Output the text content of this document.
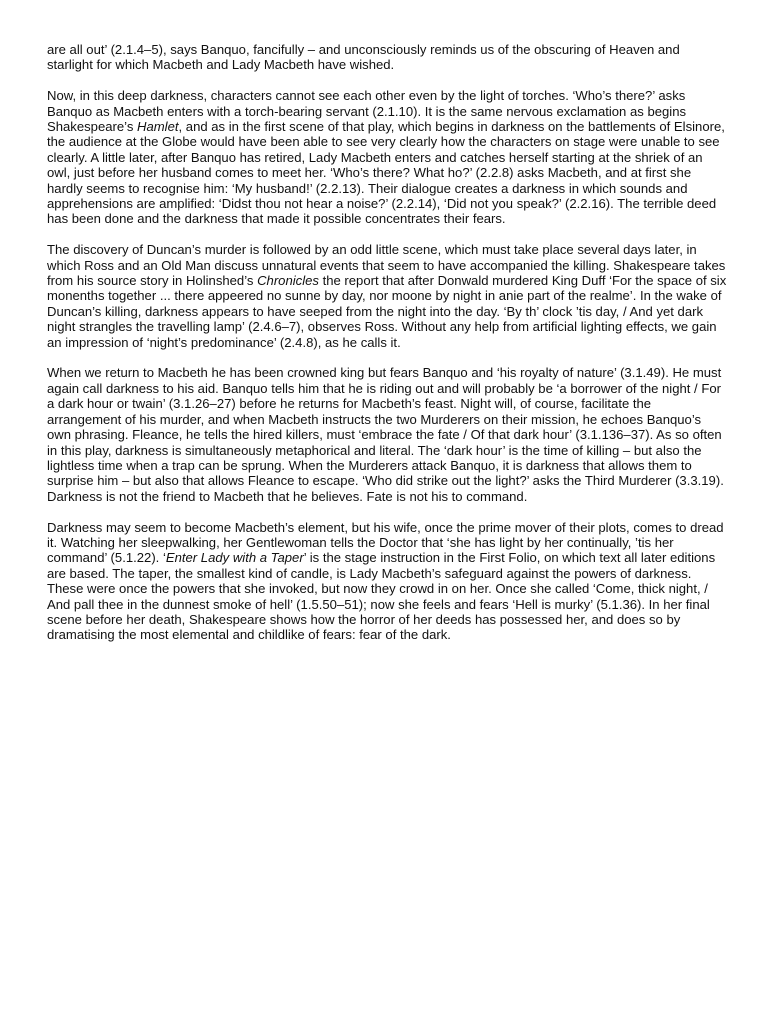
are all out’ (2.1.4–5), says Banquo, fancifully – and unconsciously reminds us of the obscuring of Heaven and starlight for which Macbeth and Lady Macbeth have wished.

Now, in this deep darkness, characters cannot see each other even by the light of torches. ‘Who’s there?’ asks Banquo as Macbeth enters with a torch-bearing servant (2.1.10). It is the same nervous exclamation as begins Shakespeare’s Hamlet, and as in the first scene of that play, which begins in darkness on the battlements of Elsinore, the audience at the Globe would have been able to see very clearly how the characters on stage were unable to see clearly. A little later, after Banquo has retired, Lady Macbeth enters and catches herself starting at the shriek of an owl, just before her husband comes to meet her. ‘Who’s there? What ho?’ (2.2.8) asks Macbeth, and at first she hardly seems to recognise him: ‘My husband!’ (2.2.13). Their dialogue creates a darkness in which sounds and apprehensions are amplified: ‘Didst thou not hear a noise?’ (2.2.14), ‘Did not you speak?’ (2.2.16). The terrible deed has been done and the darkness that made it possible concentrates their fears.

The discovery of Duncan’s murder is followed by an odd little scene, which must take place several days later, in which Ross and an Old Man discuss unnatural events that seem to have accompanied the killing. Shakespeare takes from his source story in Holinshed’s Chronicles the report that after Donwald murdered King Duff ‘For the space of six monenths together ... there appeered no sunne by day, nor moone by night in anie part of the realme’. In the wake of Duncan’s killing, darkness appears to have seeped from the night into the day. ‘By th’ clock ’tis day, / And yet dark night strangles the travelling lamp’ (2.4.6–7), observes Ross. Without any help from artificial lighting effects, we gain an impression of ‘night’s predominance’ (2.4.8), as he calls it.

When we return to Macbeth he has been crowned king but fears Banquo and ‘his royalty of nature’ (3.1.49). He must again call darkness to his aid. Banquo tells him that he is riding out and will probably be ‘a borrower of the night / For a dark hour or twain’ (3.1.26–27) before he returns for Macbeth’s feast. Night will, of course, facilitate the arrangement of his murder, and when Macbeth instructs the two Murderers on their mission, he echoes Banquo’s own phrasing. Fleance, he tells the hired killers, must ‘embrace the fate / Of that dark hour’ (3.1.136–37). As so often in this play, darkness is simultaneously metaphorical and literal. The ‘dark hour’ is the time of killing – but also the lightless time when a trap can be sprung. When the Murderers attack Banquo, it is darkness that allows them to surprise him – but also that allows Fleance to escape. ‘Who did strike out the light?’ asks the Third Murderer (3.3.19). Darkness is not the friend to Macbeth that he believes. Fate is not his to command.

Darkness may seem to become Macbeth’s element, but his wife, once the prime mover of their plots, comes to dread it. Watching her sleepwalking, her Gentlewoman tells the Doctor that ‘she has light by her continually, ’tis her command’ (5.1.22). ‘Enter Lady with a Taper’ is the stage instruction in the First Folio, on which text all later editions are based. The taper, the smallest kind of candle, is Lady Macbeth’s safeguard against the powers of darkness. These were once the powers that she invoked, but now they crowd in on her. Once she called ‘Come, thick night, / And pall thee in the dunnest smoke of hell’ (1.5.50–51); now she feels and fears ‘Hell is murky’ (5.1.36). In her final scene before her death, Shakespeare shows how the horror of her deeds has possessed her, and does so by dramatising the most elemental and childlike of fears: fear of the dark.
